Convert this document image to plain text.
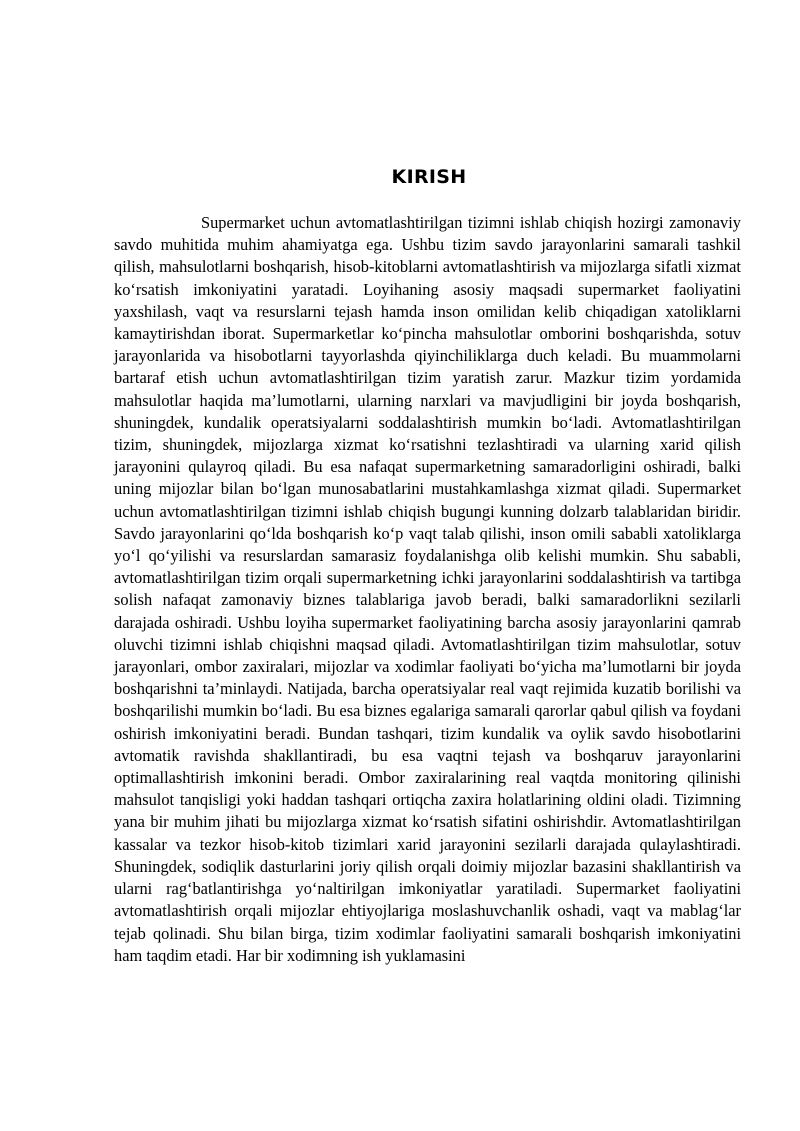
KIRISH

Supermarket uchun avtomatlashtirilgan tizimni ishlab chiqish hozirgi zamonaviy savdo muhitida muhim ahamiyatga ega. Ushbu tizim savdo jarayonlarini samarali tashkil qilish, mahsulotlarni boshqarish, hisob-kitoblarni avtomatlashtirish va mijozlarga sifatli xizmat ko‘rsatish imkoniyatini yaratadi. Loyihaning asosiy maqsadi supermarket faoliyatini yaxshilash, vaqt va resurslarni tejash hamda inson omilidan kelib chiqadigan xatoliklarni kamaytirishdan iborat. Supermarketlar ko‘pincha mahsulotlar omborini boshqarishda, sotuv jarayonlarida va hisobotlarni tayyorlashda qiyinchiliklarga duch keladi. Bu muammolarni bartaraf etish uchun avtomatlashtirilgan tizim yaratish zarur. Mazkur tizim yordamida mahsulotlar haqida ma’lumotlarni, ularning narxlari va mavjudligini bir joyda boshqarish, shuningdek, kundalik operatsiyalarni soddalashtirish mumkin bo‘ladi. Avtomatlashtirilgan tizim, shuningdek, mijozlarga xizmat ko‘rsatishni tezlashtiradi va ularning xarid qilish jarayonini qulayroq qiladi. Bu esa nafaqat supermarketning samaradorligini oshiradi, balki uning mijozlar bilan bo‘lgan munosabatlarini mustahkamlashga xizmat qiladi. Supermarket uchun avtomatlashtirilgan tizimni ishlab chiqish bugungi kunning dolzarb talablaridan biridir. Savdo jarayonlarini qo‘lda boshqarish ko‘p vaqt talab qilishi, inson omili sababli xatoliklarga yo‘l qo‘yilishi va resurslardan samarasiz foydalanishga olib kelishi mumkin. Shu sababli, avtomatlashtirilgan tizim orqali supermarketning ichki jarayonlarini soddalashtirish va tartibga solish nafaqat zamonaviy biznes talablariga javob beradi, balki samaradorlikni sezilarli darajada oshiradi. Ushbu loyiha supermarket faoliyatining barcha asosiy jarayonlarini qamrab oluvchi tizimni ishlab chiqishni maqsad qiladi. Avtomatlashtirilgan tizim mahsulotlar, sotuv jarayonlari, ombor zaxiralari, mijozlar va xodimlar faoliyati bo‘yicha ma’lumotlarni bir joyda boshqarishni ta’minlaydi. Natijada, barcha operatsiyalar real vaqt rejimida kuzatib borilishi va boshqarilishi mumkin bo‘ladi. Bu esa biznes egalariga samarali qarorlar qabul qilish va foydani oshirish imkoniyatini beradi. Bundan tashqari, tizim kundalik va oylik savdo hisobotlarini avtomatik ravishda shakllantiradi, bu esa vaqtni tejash va boshqaruv jarayonlarini optimallashtirish imkonini beradi. Ombor zaxiralarining real vaqtda monitoring qilinishi mahsulot tanqisligi yoki haddan tashqari ortiqcha zaxira holatlarining oldini oladi. Tizimning yana bir muhim jihati bu mijozlarga xizmat ko‘rsatish sifatini oshirishdir. Avtomatlashtirilgan kassalar va tezkor hisob-kitob tizimlari xarid jarayonini sezilarli darajada qulaylashtiradi. Shuningdek, sodiqlik dasturlarini joriy qilish orqali doimiy mijozlar bazasini shakllantirish va ularni rag‘batlantirishga yo‘naltirilgan imkoniyatlar yaratiladi. Supermarket faoliyatini avtomatlashtirish orqali mijozlar ehtiyojlariga moslashuvchanlik oshadi, vaqt va mablag‘lar tejab qolinadi. Shu bilan birga, tizim xodimlar faoliyatini samarali boshqarish imkoniyatini ham taqdim etadi. Har bir xodimning ish yuklamasini
